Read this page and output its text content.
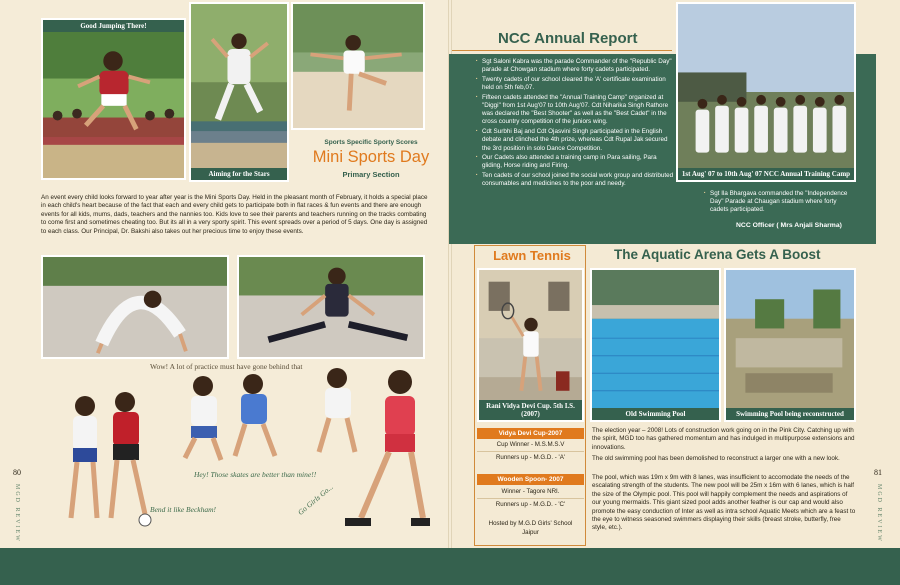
Good Jumping There!
Aiming for the Stars
Sports Specific Sporty Scores
Mini Sports Day
Primary Section
An event every child looks forward to year after year is the Mini Sports Day. Held in the pleasant month of February, it holds a special place in each child's heart because of the fact that each and every child gets to participate both in flat races & fun events and there are enough events for all kids, mums, dads, teachers and the nannies too. Kids love to see their parents and teachers running on the tracks combating to come first and sometimes cheating too. But its all in a very sporty spirit. This event spreads over a period of 5 days. One day is assigned to each class. Our Principal, Dr. Bakshi also takes out her precious time to enjoy these events.
Wow! A lot of practice must have gone behind that
Hey! Those skates are better than mine!!
Bend it like Beckham!	Go Girls Go...
80
MGD REVIEW
NCC Annual Report
· Sgt Saloni Kabra was the parade Commander of the "Republic Day" parade at Chowgan stadium where forty cadets participated.
· Twenty cadets of our school cleared the 'A' certificate examination held on 5th feb,07.
· Fifteen cadets attended the "Annual Training Camp" organized at "Diggi" from 1st Aug'07 to 10th Aug'07. Cdt Niharika Singh Rathore was declared the "Best Shooter" as well as the "Best Cadet" in the cross country competition of the juniors wing.
· Cdt Surbhi Baj and Cdt Ojasvini Singh participated in the English debate and clinched the 4th prize, whereas Cdt Rupal Jak secured the 3rd position in solo Dance Competition.
· Our Cadets also attended a training camp in Para sailing, Para gliding, Horse riding and Firing.
· Ten cadets of our school joined the social work group and distributed consumables and medicines to the poor and needy.
1st Aug' 07 to 10th Aug' 07 NCC Annual Training Camp
· Sgt Ila Bhargava commanded the "Independence Day" Parade at Chaugan stadium where forty cadets participated.
NCC Officer ( Mrs Anjali Sharma)
Lawn Tennis
Rani Vidya Devi Cup. 5th I.S. (2007)
Vidya Devi Cup-2007
Cup Winner - M.S.M.S.V
Runners up - M.G.D. - 'A'
Wooden Spoon- 2007
Winner - Tagore NRI.
Runners up - M.G.D. - 'C'
Hosted by M.G.D Girls' School
Jaipur
The Aquatic Arena Gets A Boost
Old Swimming Pool	Swimming Pool being reconstructed
The election year – 2008! Lots of construction work going on in the Pink City. Catching up with the spirit, MGD too has gathered momentum and has indulged in multipurpose extensions and innovations.
The old swimming pool has been demolished to reconstruct a larger one with a new look.
The pool, which was 19m x 9m with 8 lanes, was insufficient to accomodate the needs of the escalating strength of the students. The new pool will be 25m x 16m with 6 lanes, which is half the size of the Olympic pool. This pool will happily complement the needs and aspirations of our young mermaids. This giant sized pool adds another feather is our cap and would also promote the easy conduction of Inter as well as intra school Aquatic Meets which are a feast to the eye to witness seasoned swimmers displaying their skills (breast stroke, butterfly, free style, etc.).
81
MGD REVIEW
